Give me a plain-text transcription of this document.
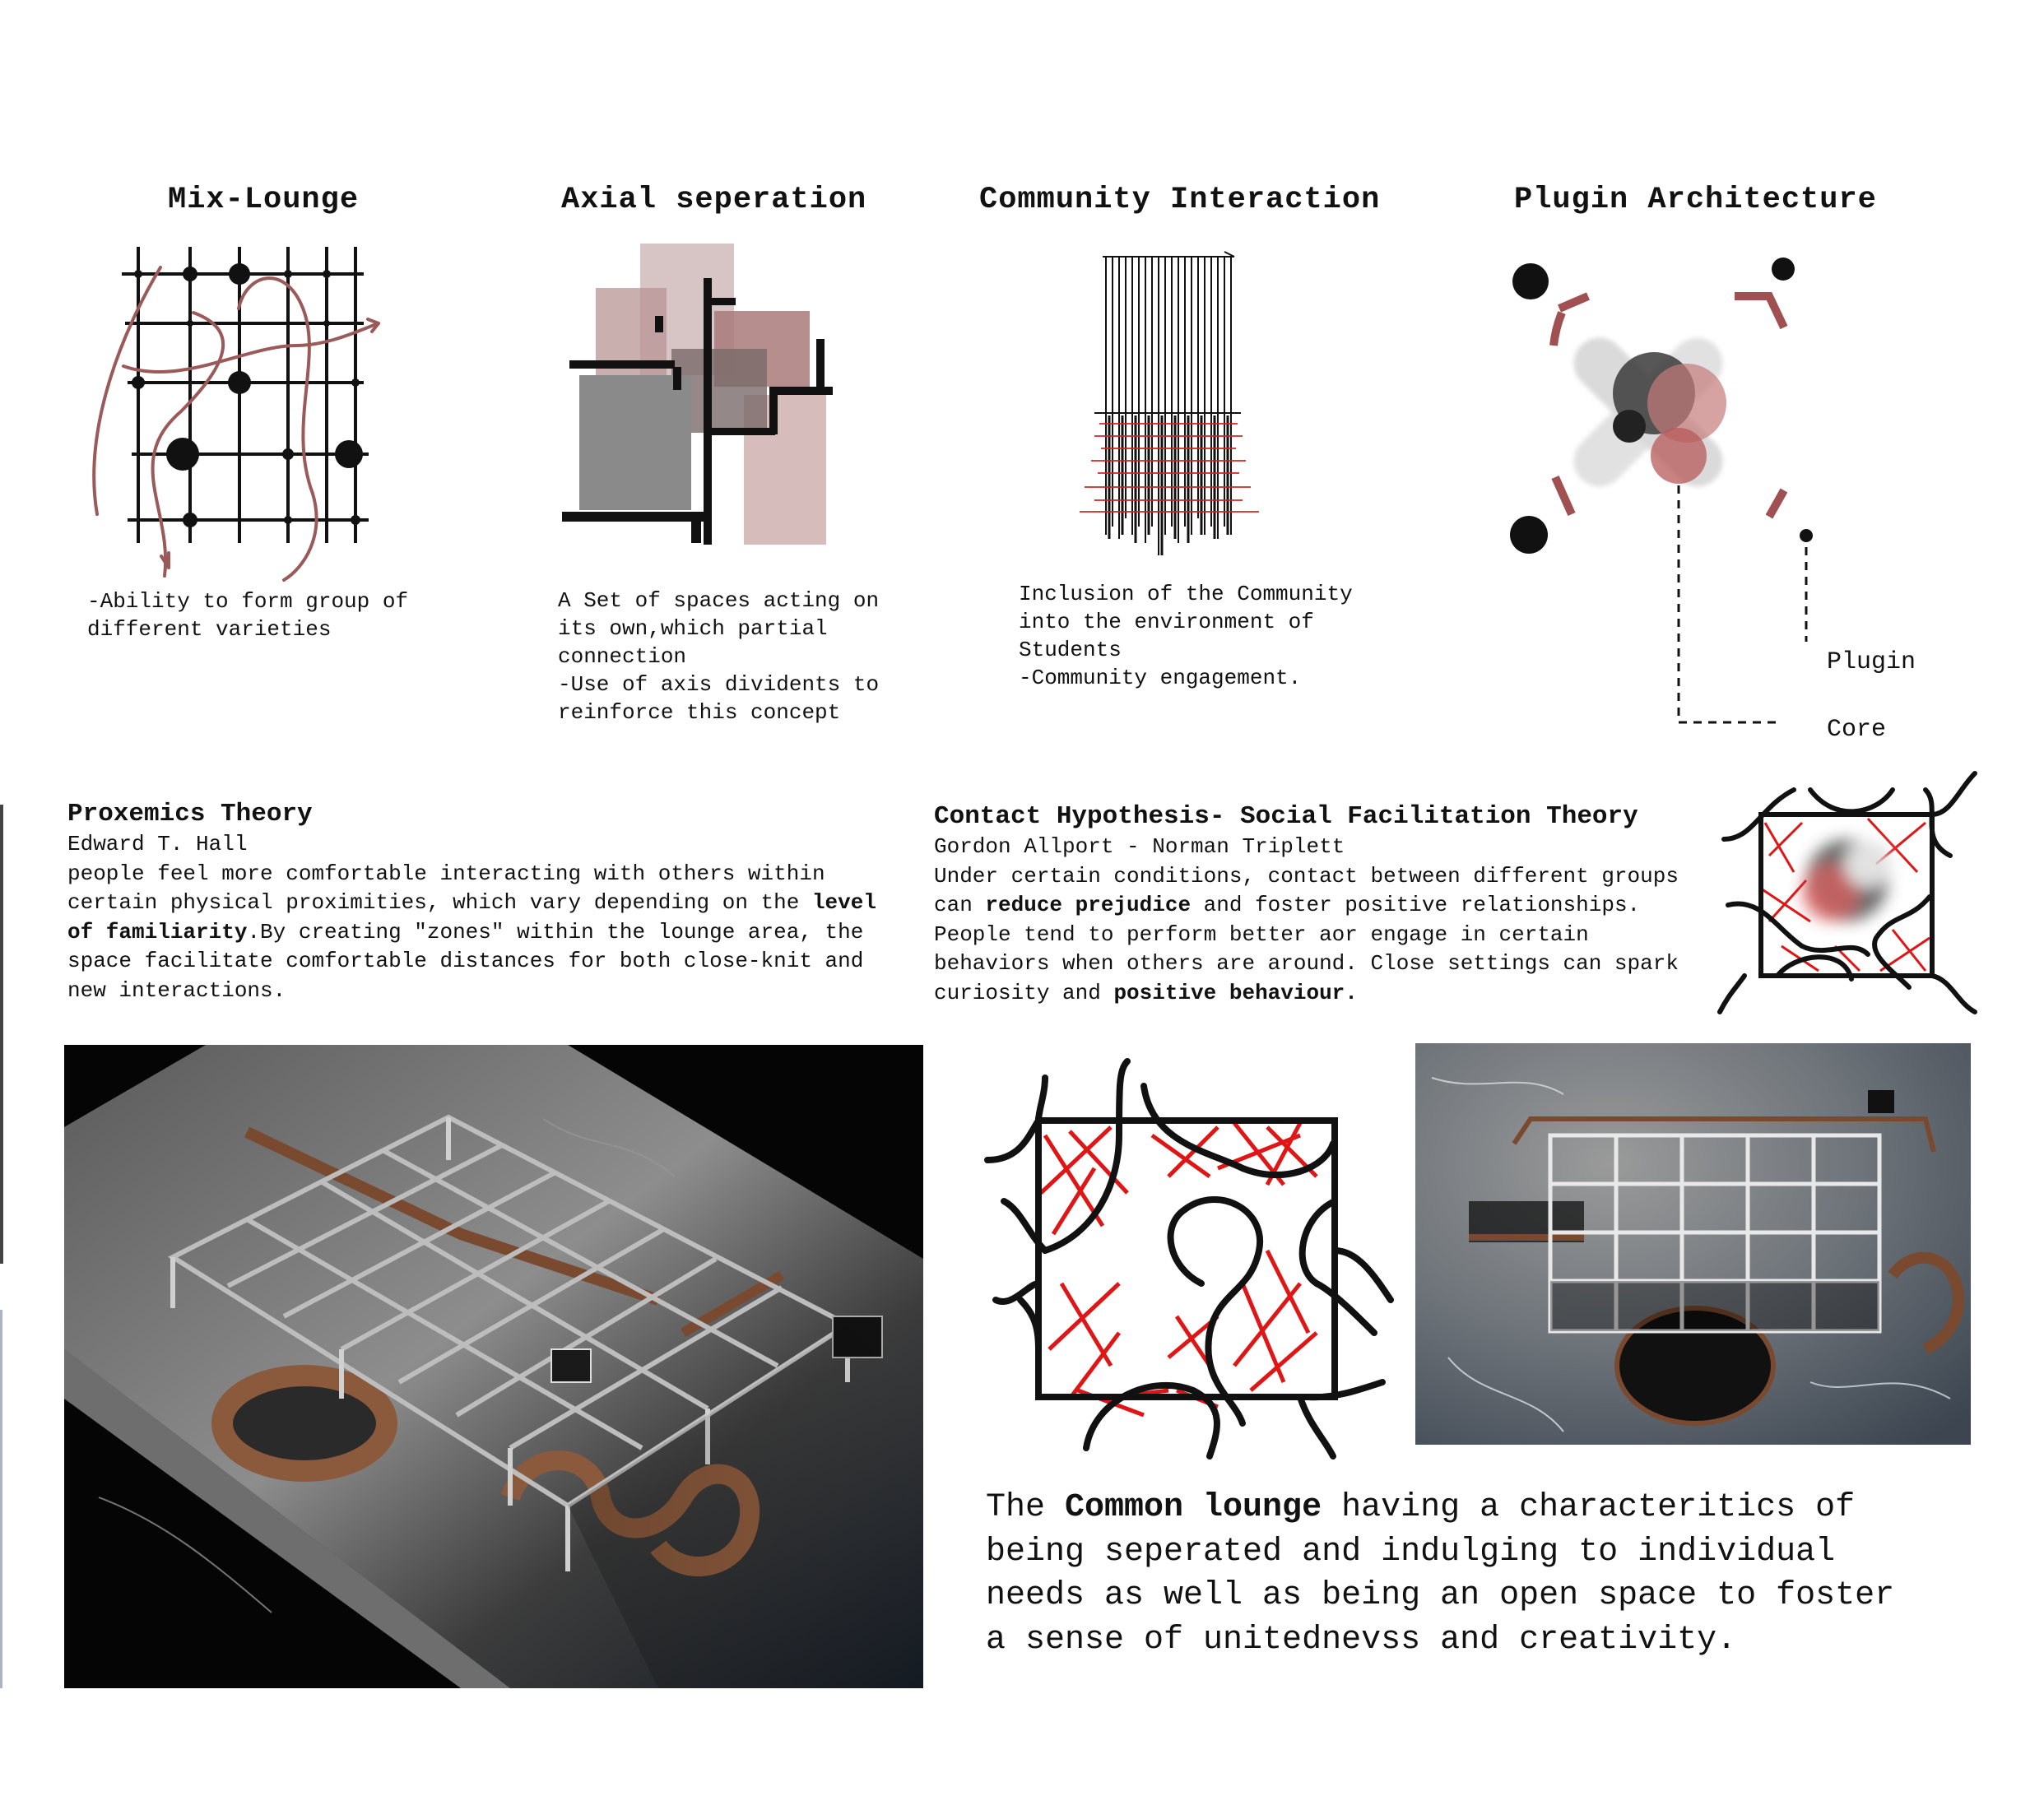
Mix-Lounge	Axial seperation	Community Interaction	Plugin Architecture
-Ability to form group of
different varieties
A Set of spaces acting on
its own,which partial
connection
-Use of axis dividents to
reinforce this concept
Inclusion of the Community
into the environment of
Students
-Community engagement.
Plugin
Core
Proxemics Theory
Edward T. Hall
people feel more comfortable interacting with others within
certain physical proximities, which vary depending on the level
of familiarity.By creating "zones" within the lounge area, the
space facilitate comfortable distances for both close-knit and
new interactions.
Contact Hypothesis- Social Facilitation Theory
Gordon Allport - Norman Triplett
Under certain conditions, contact between different groups
can reduce prejudice and foster positive relationships.
People tend to perform better aor engage in certain
behaviors when others are around. Close settings can spark
curiosity and positive behaviour.
The Common lounge having a characteritics of
being seperated and indulging to individual
needs as well as being an open space to foster
a sense of unitednevss and creativity.
